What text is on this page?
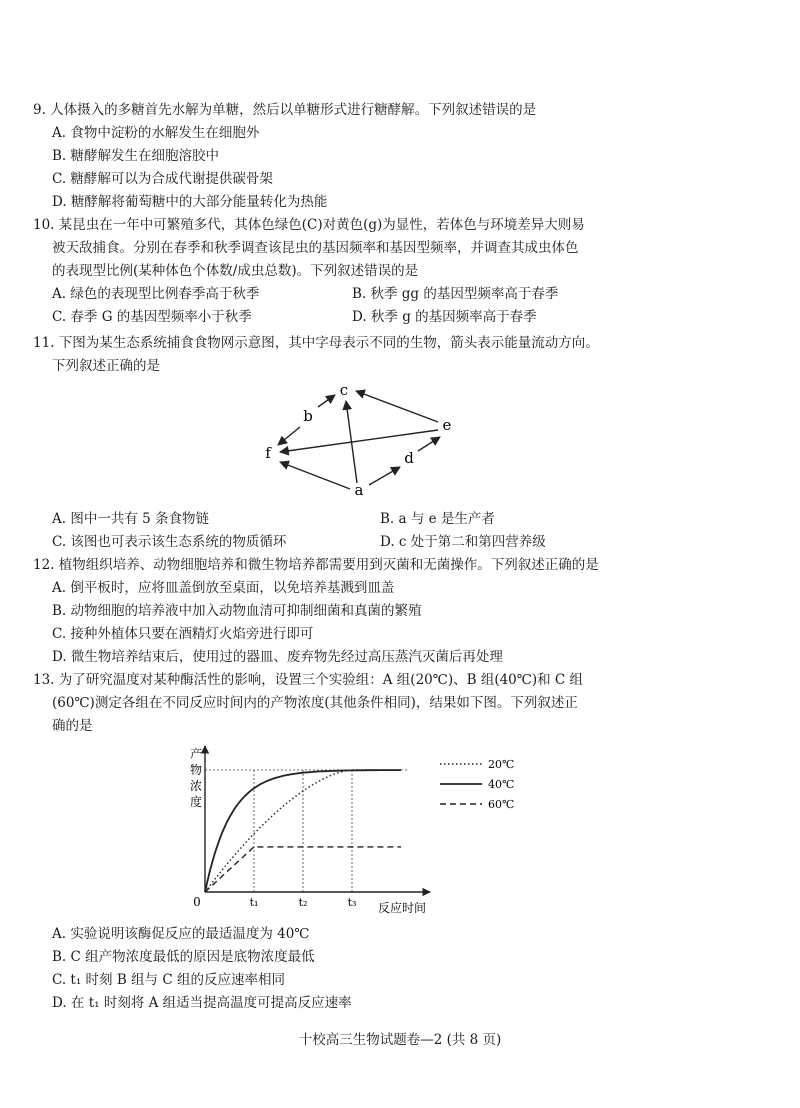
9. 人体摄入的多糖首先水解为单糖，然后以单糖形式进行糖酵解。下列叙述错误的是
A. 食物中淀粉的水解发生在细胞外
B. 糖酵解发生在细胞溶胶中
C. 糖酵解可以为合成代谢提供碳骨架
D. 糖酵解将葡萄糖中的大部分能量转化为热能
10. 某昆虫在一年中可繁殖多代，其体色绿色(C)对黄色(g)为显性，若体色与环境差异大则易
被天敌捕食。分别在春季和秋季调查该昆虫的基因频率和基因型频率，并调查其成虫体色
的表现型比例(某种体色个体数/成虫总数)。下列叙述错误的是
A. 绿色的表现型比例春季高于秋季	B. 秋季 gg 的基因型频率高于春季
C. 春季 G 的基因型频率小于秋季	D. 秋季 g 的基因频率高于春季
11. 下图为某生态系统捕食食物网示意图，其中字母表示不同的生物，箭头表示能量流动方向。
下列叙述正确的是
c
b	e
f	d
a
A. 图中一共有 5 条食物链	B. a 与 e 是生产者
C. 该图也可表示该生态系统的物质循环	D. c 处于第二和第四营养级
12. 植物组织培养、动物细胞培养和微生物培养都需要用到灭菌和无菌操作。下列叙述正确的是
A. 倒平板时，应将皿盖倒放至桌面，以免培养基溅到皿盖
B. 动物细胞的培养液中加入动物血清可抑制细菌和真菌的繁殖
C. 接种外植体只要在酒精灯火焰旁进行即可
D. 微生物培养结束后，使用过的器皿、废弃物先经过高压蒸汽灭菌后再处理
13. 为了研究温度对某种酶活性的影响，设置三个实验组：A 组(20℃)、B 组(40℃)和 C 组
(60℃)测定各组在不同反应时间内的产物浓度(其他条件相同)，结果如下图。下列叙述正
确的是
产物浓度
0	t₁	t₂	t₃ 反应时间
20℃
40℃
60℃
A. 实验说明该酶促反应的最适温度为 40℃
B. C 组产物浓度最低的原因是底物浓度最低
C. t₁ 时刻 B 组与 C 组的反应速率相同
D. 在 t₁ 时刻将 A 组适当提高温度可提高反应速率
十校高三生物试题卷—2 (共 8 页)
